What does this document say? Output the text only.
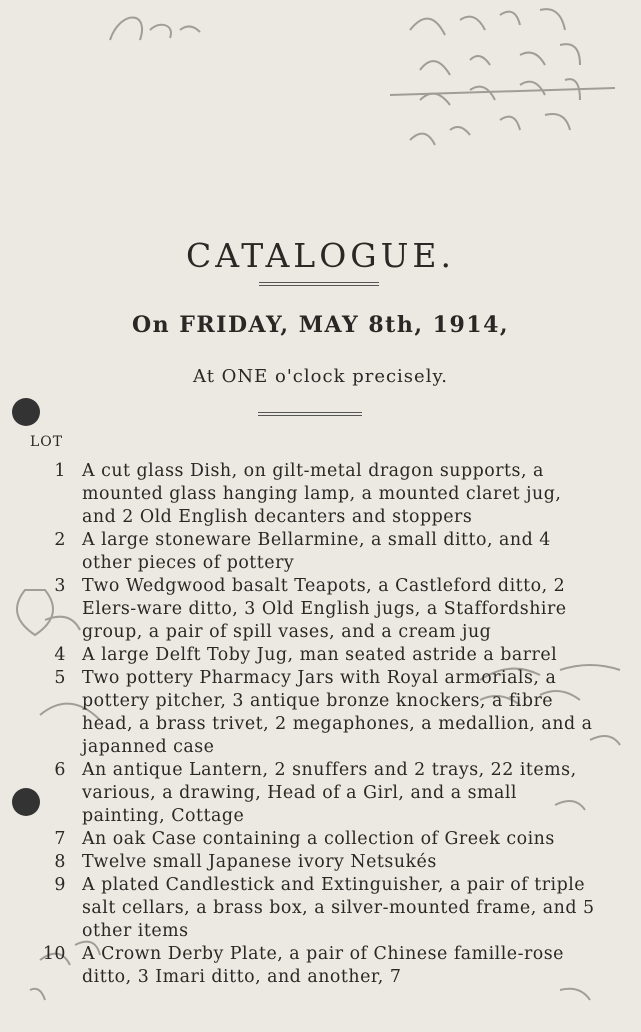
CATALOGUE.
On FRIDAY, MAY 8th, 1914,
At ONE o'clock precisely.
LOT
1 A cut glass Dish, on gilt-metal dragon supports, a mounted glass hanging lamp, a mounted claret jug, and 2 Old English decanters and stoppers
2 A large stoneware Bellarmine, a small ditto, and 4 other pieces of pottery
3 Two Wedgwood basalt Teapots, a Castleford ditto, 2 Elers-ware ditto, 3 Old English jugs, a Staffordshire group, a pair of spill vases, and a cream jug
4 A large Delft Toby Jug, man seated astride a barrel
5 Two pottery Pharmacy Jars with Royal armorials, a pottery pitcher, 3 antique bronze knockers, a fibre head, a brass trivet, 2 megaphones, a medallion, and a japanned case
6 An antique Lantern, 2 snuffers and 2 trays, 22 items, various, a drawing, Head of a Girl, and a small painting, Cottage
7 An oak Case containing a collection of Greek coins
8 Twelve small Japanese ivory Netsukés
9 A plated Candlestick and Extinguisher, a pair of triple salt cellars, a brass box, a silver-mounted frame, and 5 other items
10 A Crown Derby Plate, a pair of Chinese famille-rose ditto, 3 Imari ditto, and another, 7
